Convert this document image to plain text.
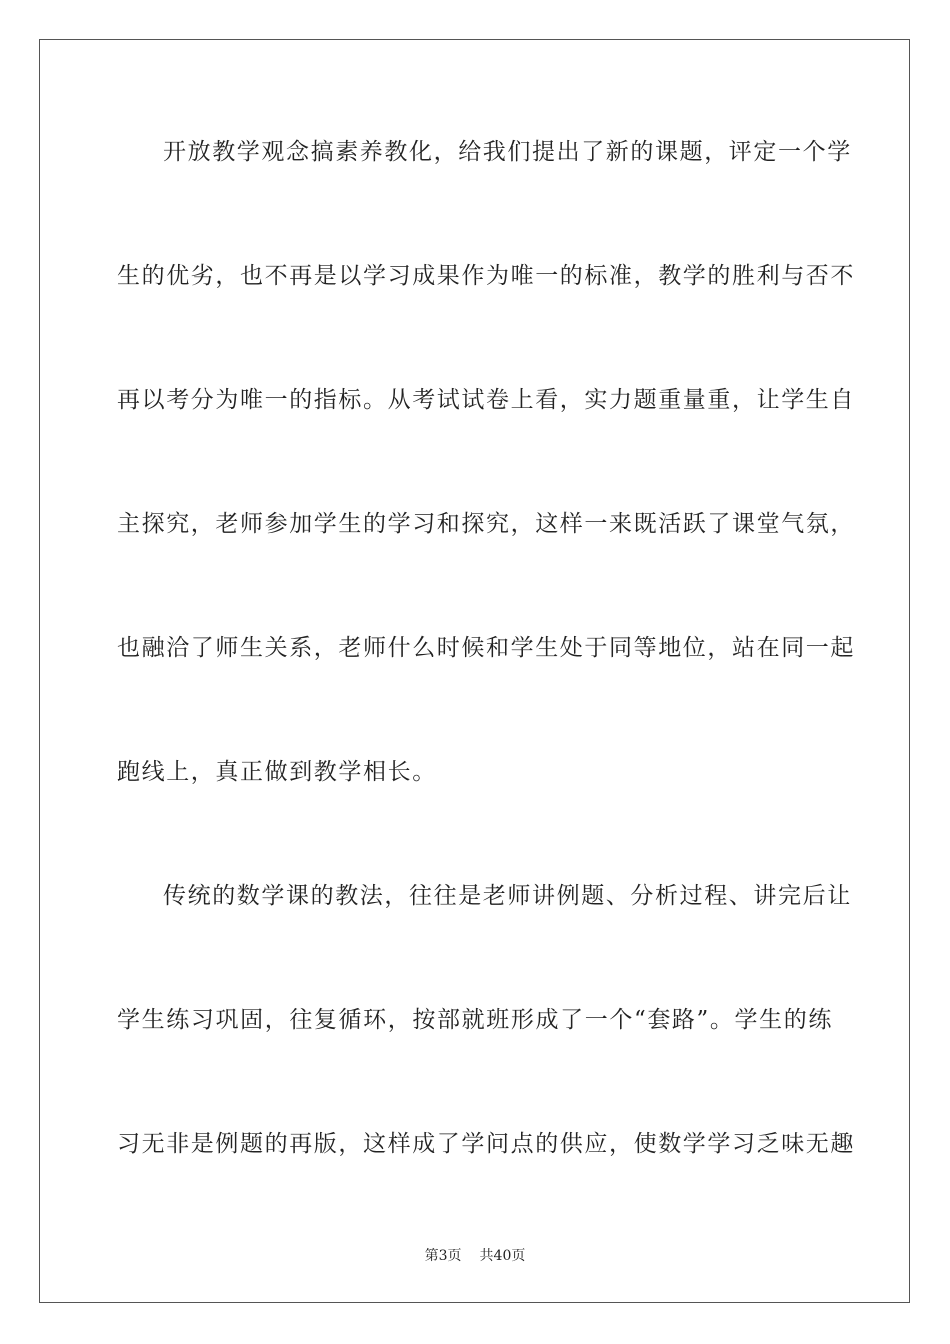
开放教学观念搞素养教化，给我们提出了新的课题，评定一个学
生的优劣，也不再是以学习成果作为唯一的标准，教学的胜利与否不
再以考分为唯一的指标。从考试试卷上看，实力题重量重，让学生自
主探究，老师参加学生的学习和探究，这样一来既活跃了课堂气氛，
也融洽了师生关系，老师什么时候和学生处于同等地位，站在同一起
跑线上，真正做到教学相长。
传统的数学课的教法，往往是老师讲例题、分析过程、讲完后让
学生练习巩固，往复循环，按部就班形成了一个“套路”。学生的练
习无非是例题的再版，这样成了学问点的供应，使数学学习乏味无趣
第3页 共40页
